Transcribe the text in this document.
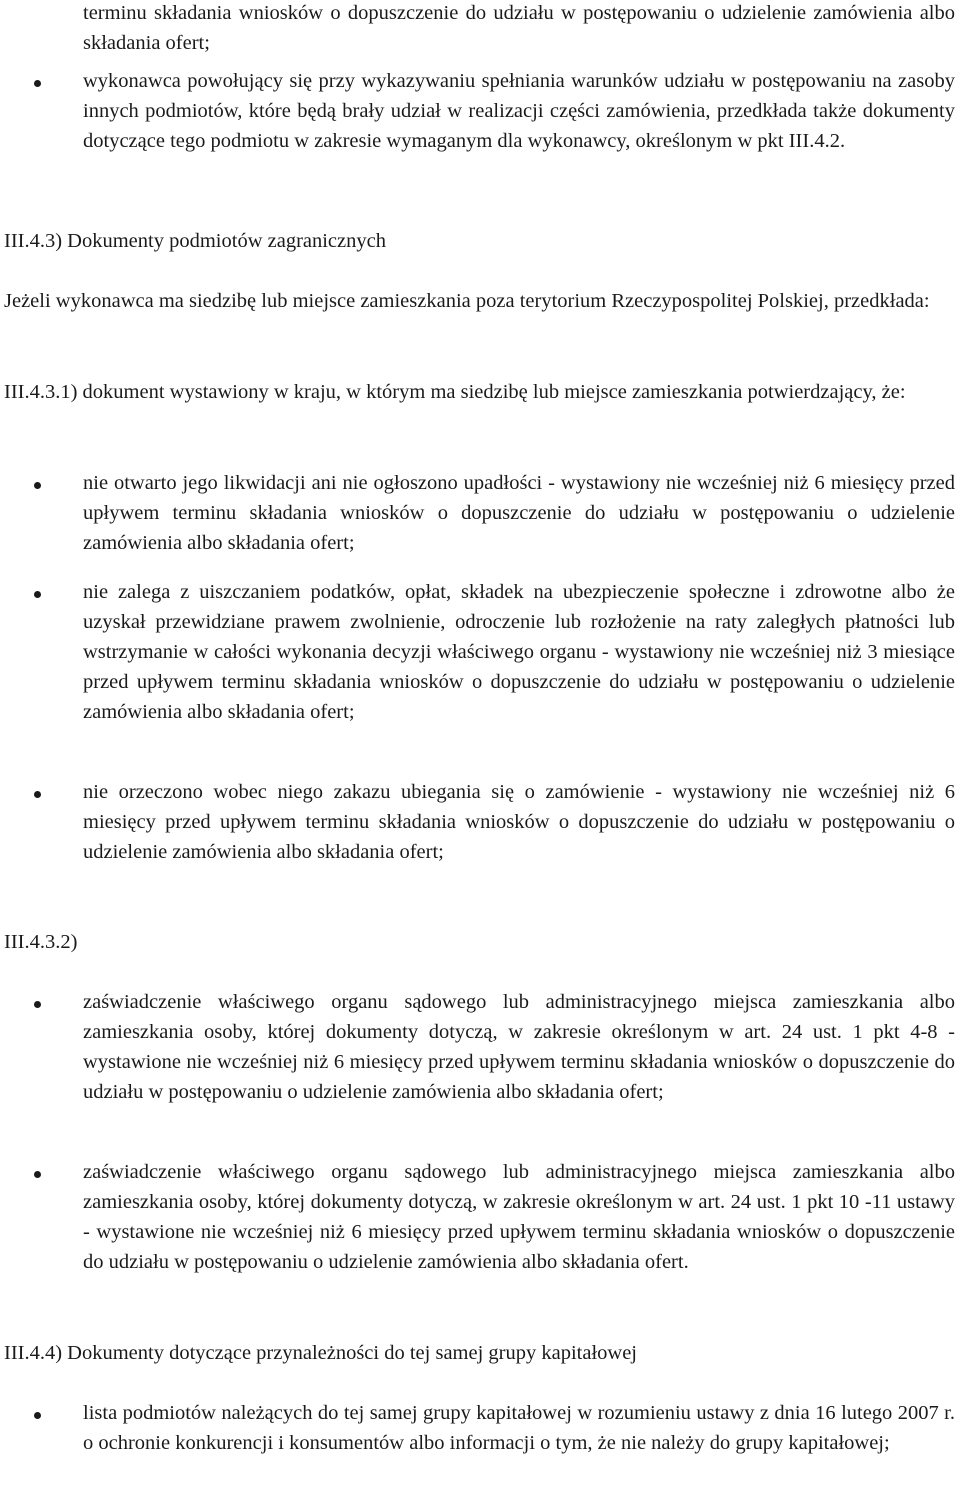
terminu składania wniosków o dopuszczenie do udziału w postępowaniu o udzielenie zamówienia albo składania ofert;

wykonawca powołujący się przy wykazywaniu spełniania warunków udziału w postępowaniu na zasoby innych podmiotów, które będą brały udział w realizacji części zamówienia, przedkłada także dokumenty dotyczące tego podmiotu w zakresie wymaganym dla wykonawcy, określonym w pkt III.4.2.

III.4.3) Dokumenty podmiotów zagranicznych

Jeżeli wykonawca ma siedzibę lub miejsce zamieszkania poza terytorium Rzeczypospolitej Polskiej, przedkłada:

III.4.3.1) dokument wystawiony w kraju, w którym ma siedzibę lub miejsce zamieszkania potwierdzający, że:

nie otwarto jego likwidacji ani nie ogłoszono upadłości - wystawiony nie wcześniej niż 6 miesięcy przed upływem terminu składania wniosków o dopuszczenie do udziału w postępowaniu o udzielenie zamówienia albo składania ofert;

nie zalega z uiszczaniem podatków, opłat, składek na ubezpieczenie społeczne i zdrowotne albo że uzyskał przewidziane prawem zwolnienie, odroczenie lub rozłożenie na raty zaległych płatności lub wstrzymanie w całości wykonania decyzji właściwego organu - wystawiony nie wcześniej niż 3 miesiące przed upływem terminu składania wniosków o dopuszczenie do udziału w postępowaniu o udzielenie zamówienia albo składania ofert;

nie orzeczono wobec niego zakazu ubiegania się o zamówienie - wystawiony nie wcześniej niż 6 miesięcy przed upływem terminu składania wniosków o dopuszczenie do udziału w postępowaniu o udzielenie zamówienia albo składania ofert;

III.4.3.2)

zaświadczenie właściwego organu sądowego lub administracyjnego miejsca zamieszkania albo zamieszkania osoby, której dokumenty dotyczą, w zakresie określonym w art. 24 ust. 1 pkt 4-8 - wystawione nie wcześniej niż 6 miesięcy przed upływem terminu składania wniosków o dopuszczenie do udziału w postępowaniu o udzielenie zamówienia albo składania ofert;

zaświadczenie właściwego organu sądowego lub administracyjnego miejsca zamieszkania albo zamieszkania osoby, której dokumenty dotyczą, w zakresie określonym w art. 24 ust. 1 pkt 10 -11 ustawy - wystawione nie wcześniej niż 6 miesięcy przed upływem terminu składania wniosków o dopuszczenie do udziału w postępowaniu o udzielenie zamówienia albo składania ofert.

III.4.4) Dokumenty dotyczące przynależności do tej samej grupy kapitałowej

lista podmiotów należących do tej samej grupy kapitałowej w rozumieniu ustawy z dnia 16 lutego 2007 r. o ochronie konkurencji i konsumentów albo informacji o tym, że nie należy do grupy kapitałowej;
